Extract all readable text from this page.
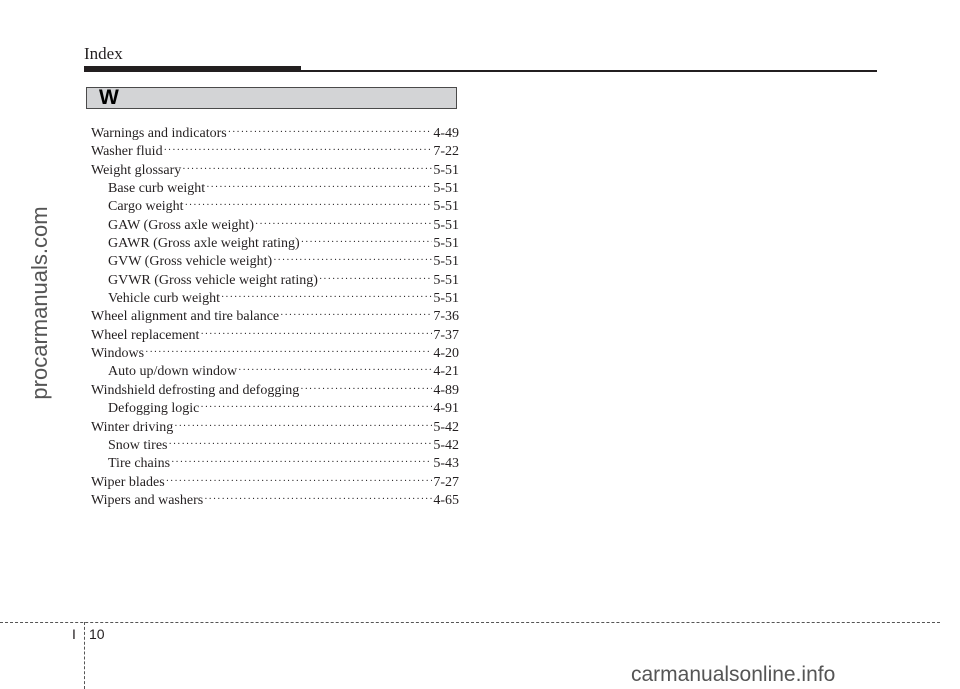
Index
W
Warnings and indicators ·····	4-49
Washer fluid ·····	7-22
Weight glossary ·····	5-51
Base curb weight ·····	5-51
Cargo weight ·····	5-51
GAW (Gross axle weight) ·····	5-51
GAWR (Gross axle weight rating) ·····	5-51
GVW (Gross vehicle weight) ·····	5-51
GVWR (Gross vehicle weight rating) ·····	5-51
Vehicle curb weight ·····	5-51
Wheel alignment and tire balance ·····	7-36
Wheel replacement ·····	7-37
Windows ·····	4-20
Auto up/down window ·····	4-21
Windshield defrosting and defogging ·····	4-89
Defogging logic ·····	4-91
Winter driving ·····	5-42
Snow tires ·····	5-42
Tire chains ·····	5-43
Wiper blades ·····	7-27
Wipers and washers ·····	4-65
procarmanuals.com
I 10
carmanualsonline.info
